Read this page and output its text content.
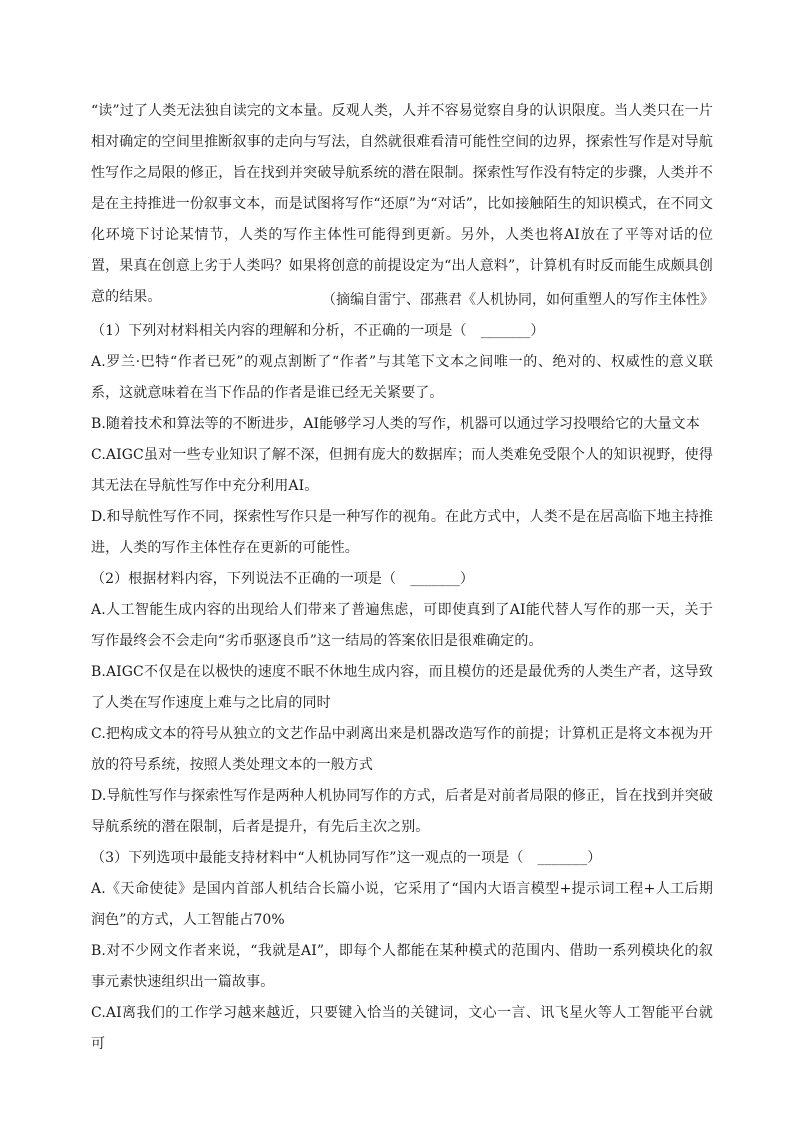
“读”过了人类无法独自读完的文本量。反观人类，人并不容易觉察自身的认识限度。当人类只在一片相对确定的空间里推断叙事的走向与写法，自然就很难看清可能性空间的边界，探索性写作是对导航性写作之局限的修正，旨在找到并突破导航系统的潜在限制。探索性写作没有特定的步骤，人类并不是在主持推进一份叙事文本，而是试图将写作“还原”为“对话”，比如接触陌生的知识模式，在不同文化环境下讨论某情节，人类的写作主体性可能得到更新。另外，人类也将AI放在了平等对话的位置，果真在创意上劣于人类吗？如果将创意的前提设定为“出人意料”，计算机有时反而能生成颇具创意的结果。	（摘编自雷宁、邵燕君《人机协同，如何重塑人的写作主体性》

（1）下列对材料相关内容的理解和分析，不正确的一项是（　_______）

A.罗兰·巴特“作者已死”的观点割断了“作者”与其笔下文本之间唯一的、绝对的、权威性的意义联系，这就意味着在当下作品的作者是谁已经无关紧要了。

B.随着技术和算法等的不断进步，AI能够学习人类的写作，机器可以通过学习投喂给它的大量文本

C.AIGC虽对一些专业知识了解不深，但拥有庞大的数据库；而人类难免受限个人的知识视野，使得其无法在导航性写作中充分利用AI。

D.和导航性写作不同，探索性写作只是一种写作的视角。在此方式中，人类不是在居高临下地主持推进，人类的写作主体性存在更新的可能性。

（2）根据材料内容，下列说法不正确的一项是（　_______）

A.人工智能生成内容的出现给人们带来了普遍焦虑，可即使真到了AI能代替人写作的那一天，关于写作最终会不会走向“劣币驱逐良币”这一结局的答案依旧是很难确定的。

B.AIGC不仅是在以极快的速度不眠不休地生成内容，而且模仿的还是最优秀的人类生产者，这导致了人类在写作速度上难与之比肩的同时

C.把构成文本的符号从独立的文艺作品中剥离出来是机器改造写作的前提；计算机正是将文本视为开放的符号系统，按照人类处理文本的一般方式

D.导航性写作与探索性写作是两种人机协同写作的方式，后者是对前者局限的修正，旨在找到并突破导航系统的潜在限制，后者是提升，有先后主次之别。

（3）下列选项中最能支持材料中“人机协同写作”这一观点的一项是（　_______）

A.《天命使徒》是国内首部人机结合长篇小说，它采用了“国内大语言模型+提示词工程+人工后期润色”的方式，人工智能占70%

B.对不少网文作者来说，“我就是AI”，即每个人都能在某种模式的范围内、借助一系列模块化的叙事元素快速组织出一篇故事。

C.AI离我们的工作学习越来越近，只要键入恰当的关键词，文心一言、讯飞星火等人工智能平台就可
